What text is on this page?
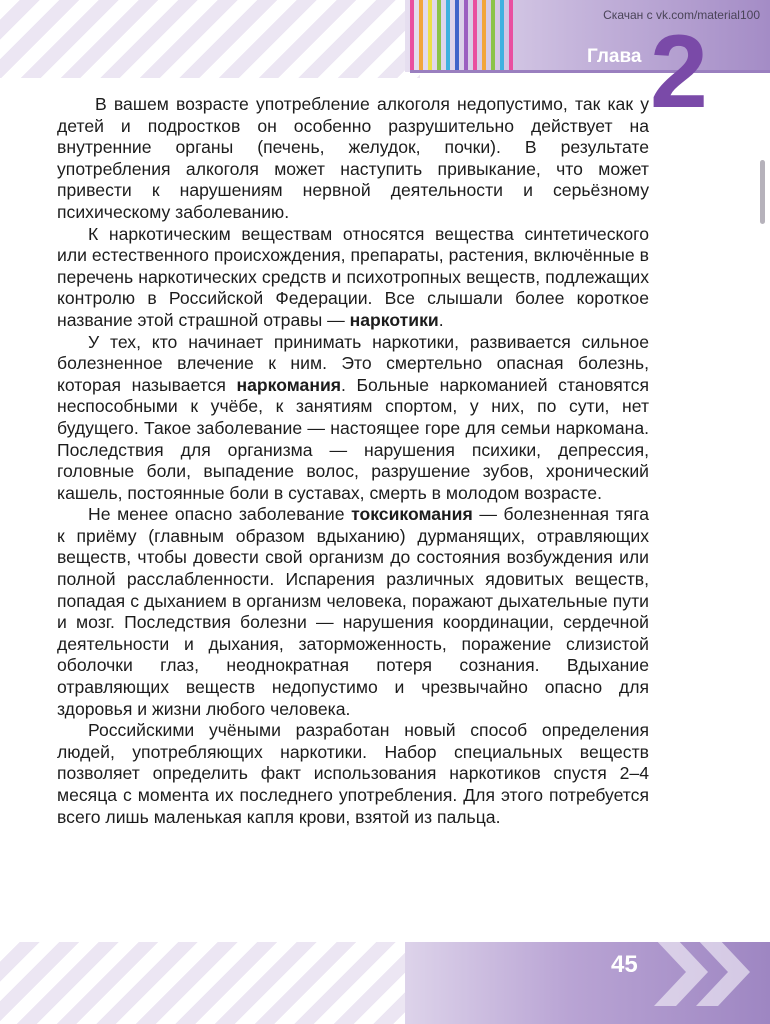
Скачан с vk.com/material100
Глава 2

В вашем возрасте употребление алкоголя недопустимо, так как у детей и подростков он особенно разрушительно действует на внутренние органы (печень, желудок, почки). В результате употребления алкоголя может наступить привыкание, что может привести к нарушениям нервной деятельности и серьёзному психическому заболеванию.

К наркотическим веществам относятся вещества синтетического или естественного происхождения, препараты, растения, включённые в перечень наркотических средств и психотропных веществ, подлежащих контролю в Российской Федерации. Все слышали более короткое название этой страшной отравы — наркотики.

У тех, кто начинает принимать наркотики, развивается сильное болезненное влечение к ним. Это смертельно опасная болезнь, которая называется наркомания. Больные наркоманией становятся неспособными к учёбе, к занятиям спортом, у них, по сути, нет будущего. Такое заболевание — настоящее горе для семьи наркомана. Последствия для организма — нарушения психики, депрессия, головные боли, выпадение волос, разрушение зубов, хронический кашель, постоянные боли в суставах, смерть в молодом возрасте.

Не менее опасно заболевание токсикомания — болезненная тяга к приёму (главным образом вдыханию) дурманящих, отравляющих веществ, чтобы довести свой организм до состояния возбуждения или полной расслабленности. Испарения различных ядовитых веществ, попадая с дыханием в организм человека, поражают дыхательные пути и мозг. Последствия болезни — нарушения координации, сердечной деятельности и дыхания, заторможенность, поражение слизистой оболочки глаз, неоднократная потеря сознания. Вдыхание отравляющих веществ недопустимо и чрезвычайно опасно для здоровья и жизни любого человека.

Российскими учёными разработан новый способ определения людей, употребляющих наркотики. Набор специальных веществ позволяет определить факт использования наркотиков спустя 2–4 месяца с момента их последнего употребления. Для этого потребуется всего лишь маленькая капля крови, взятой из пальца.

45
